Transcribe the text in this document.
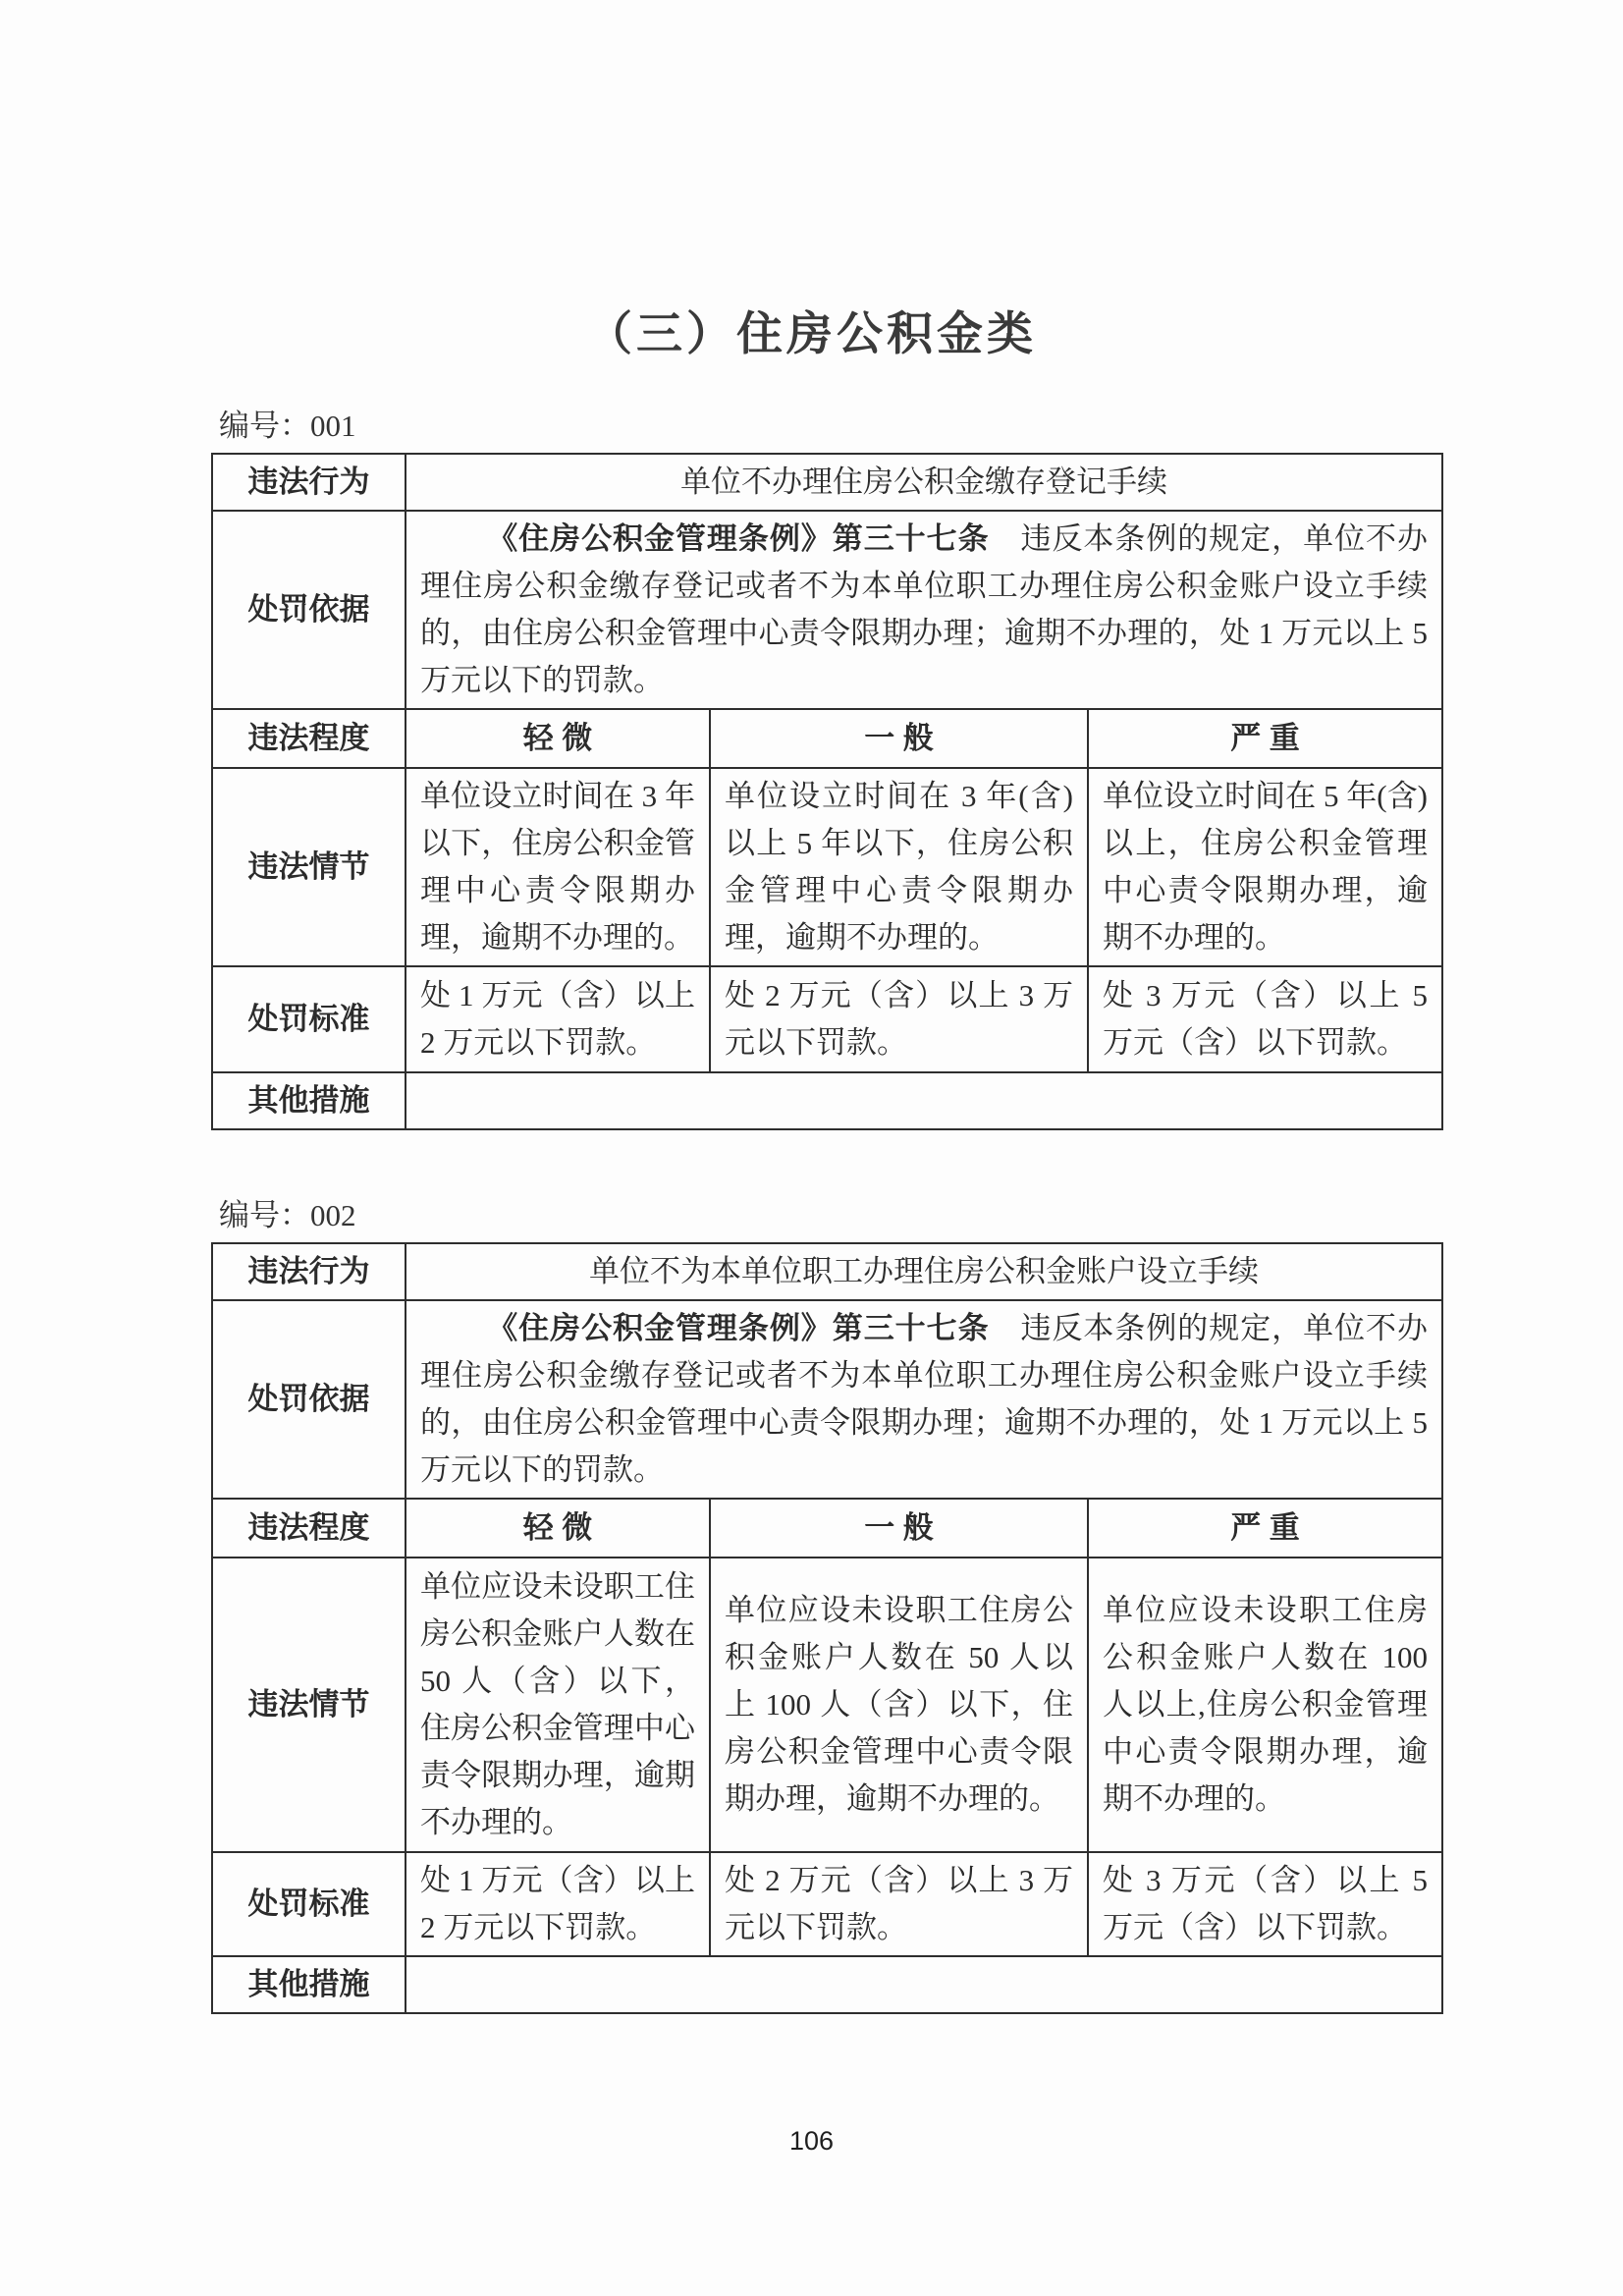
（三）住房公积金类
编号：001
违法行为	单位不办理住房公积金缴存登记手续		
处罚依据	《住房公积金管理条例》第三十七条　违反本条例的规定，单位不办理住房公积金缴存登记或者不为本单位职工办理住房公积金账户设立手续的，由住房公积金管理中心责令限期办理；逾期不办理的，处 1 万元以上 5 万元以下的罚款。		

违法程度	轻 微	一 般	严 重
违法情节	单位设立时间在 3 年以下，住房公积金管理中心责令限期办理，逾期不办理的。	单位设立时间在 3 年(含)以上 5 年以下，住房公积金管理中心责令限期办理，逾期不办理的。	单位设立时间在 5 年(含)以上，住房公积金管理中心责令限期办理，逾期不办理的。
处罚标准	处 1 万元（含）以上 2 万元以下罚款。	处 2 万元（含）以上 3 万元以下罚款。	处 3 万元（含）以上 5 万元（含）以下罚款。
其他措施			
编号：002
违法行为	单位不为本单位职工办理住房公积金账户设立手续		
处罚依据	《住房公积金管理条例》第三十七条　违反本条例的规定，单位不办理住房公积金缴存登记或者不为本单位职工办理住房公积金账户设立手续的，由住房公积金管理中心责令限期办理；逾期不办理的，处 1 万元以上 5 万元以下的罚款。		

违法程度	轻 微	一 般	严 重
违法情节	单位应设未设职工住房公积金账户人数在 50 人（含）以下，住房公积金管理中心责令限期办理，逾期不办理的。	单位应设未设职工住房公积金账户人数在 50 人以上 100 人（含）以下，住房公积金管理中心责令限期办理，逾期不办理的。	单位应设未设职工住房公积金账户人数在 100 人以上,住房公积金管理中心责令限期办理，逾期不办理的。
处罚标准	处 1 万元（含）以上 2 万元以下罚款。	处 2 万元（含）以上 3 万元以下罚款。	处 3 万元（含）以上 5 万元（含）以下罚款。
其他措施			
106
